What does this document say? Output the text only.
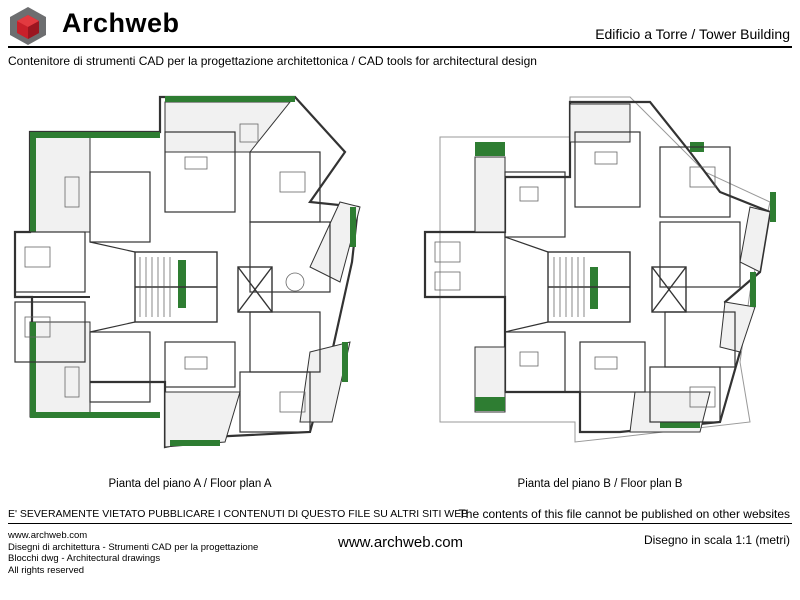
Archweb	Edificio a Torre / Tower Building
Contenitore di strumenti CAD per la progettazione architettonica / CAD tools for architectural design
Pianta del piano A / Floor plan A	Pianta del piano B / Floor plan B
E' SEVERAMENTE VIETATO PUBBLICARE I CONTENUTI DI QUESTO FILE SU ALTRI SITI WEB
The contents of this file cannot be published on other websites
www.archweb.com
Disegni di architettura - Strumenti CAD per la progettazione
Blocchi dwg - Architectural drawings
All rights reserved
www.archweb.com	Disegno in scala 1:1 (metri)
